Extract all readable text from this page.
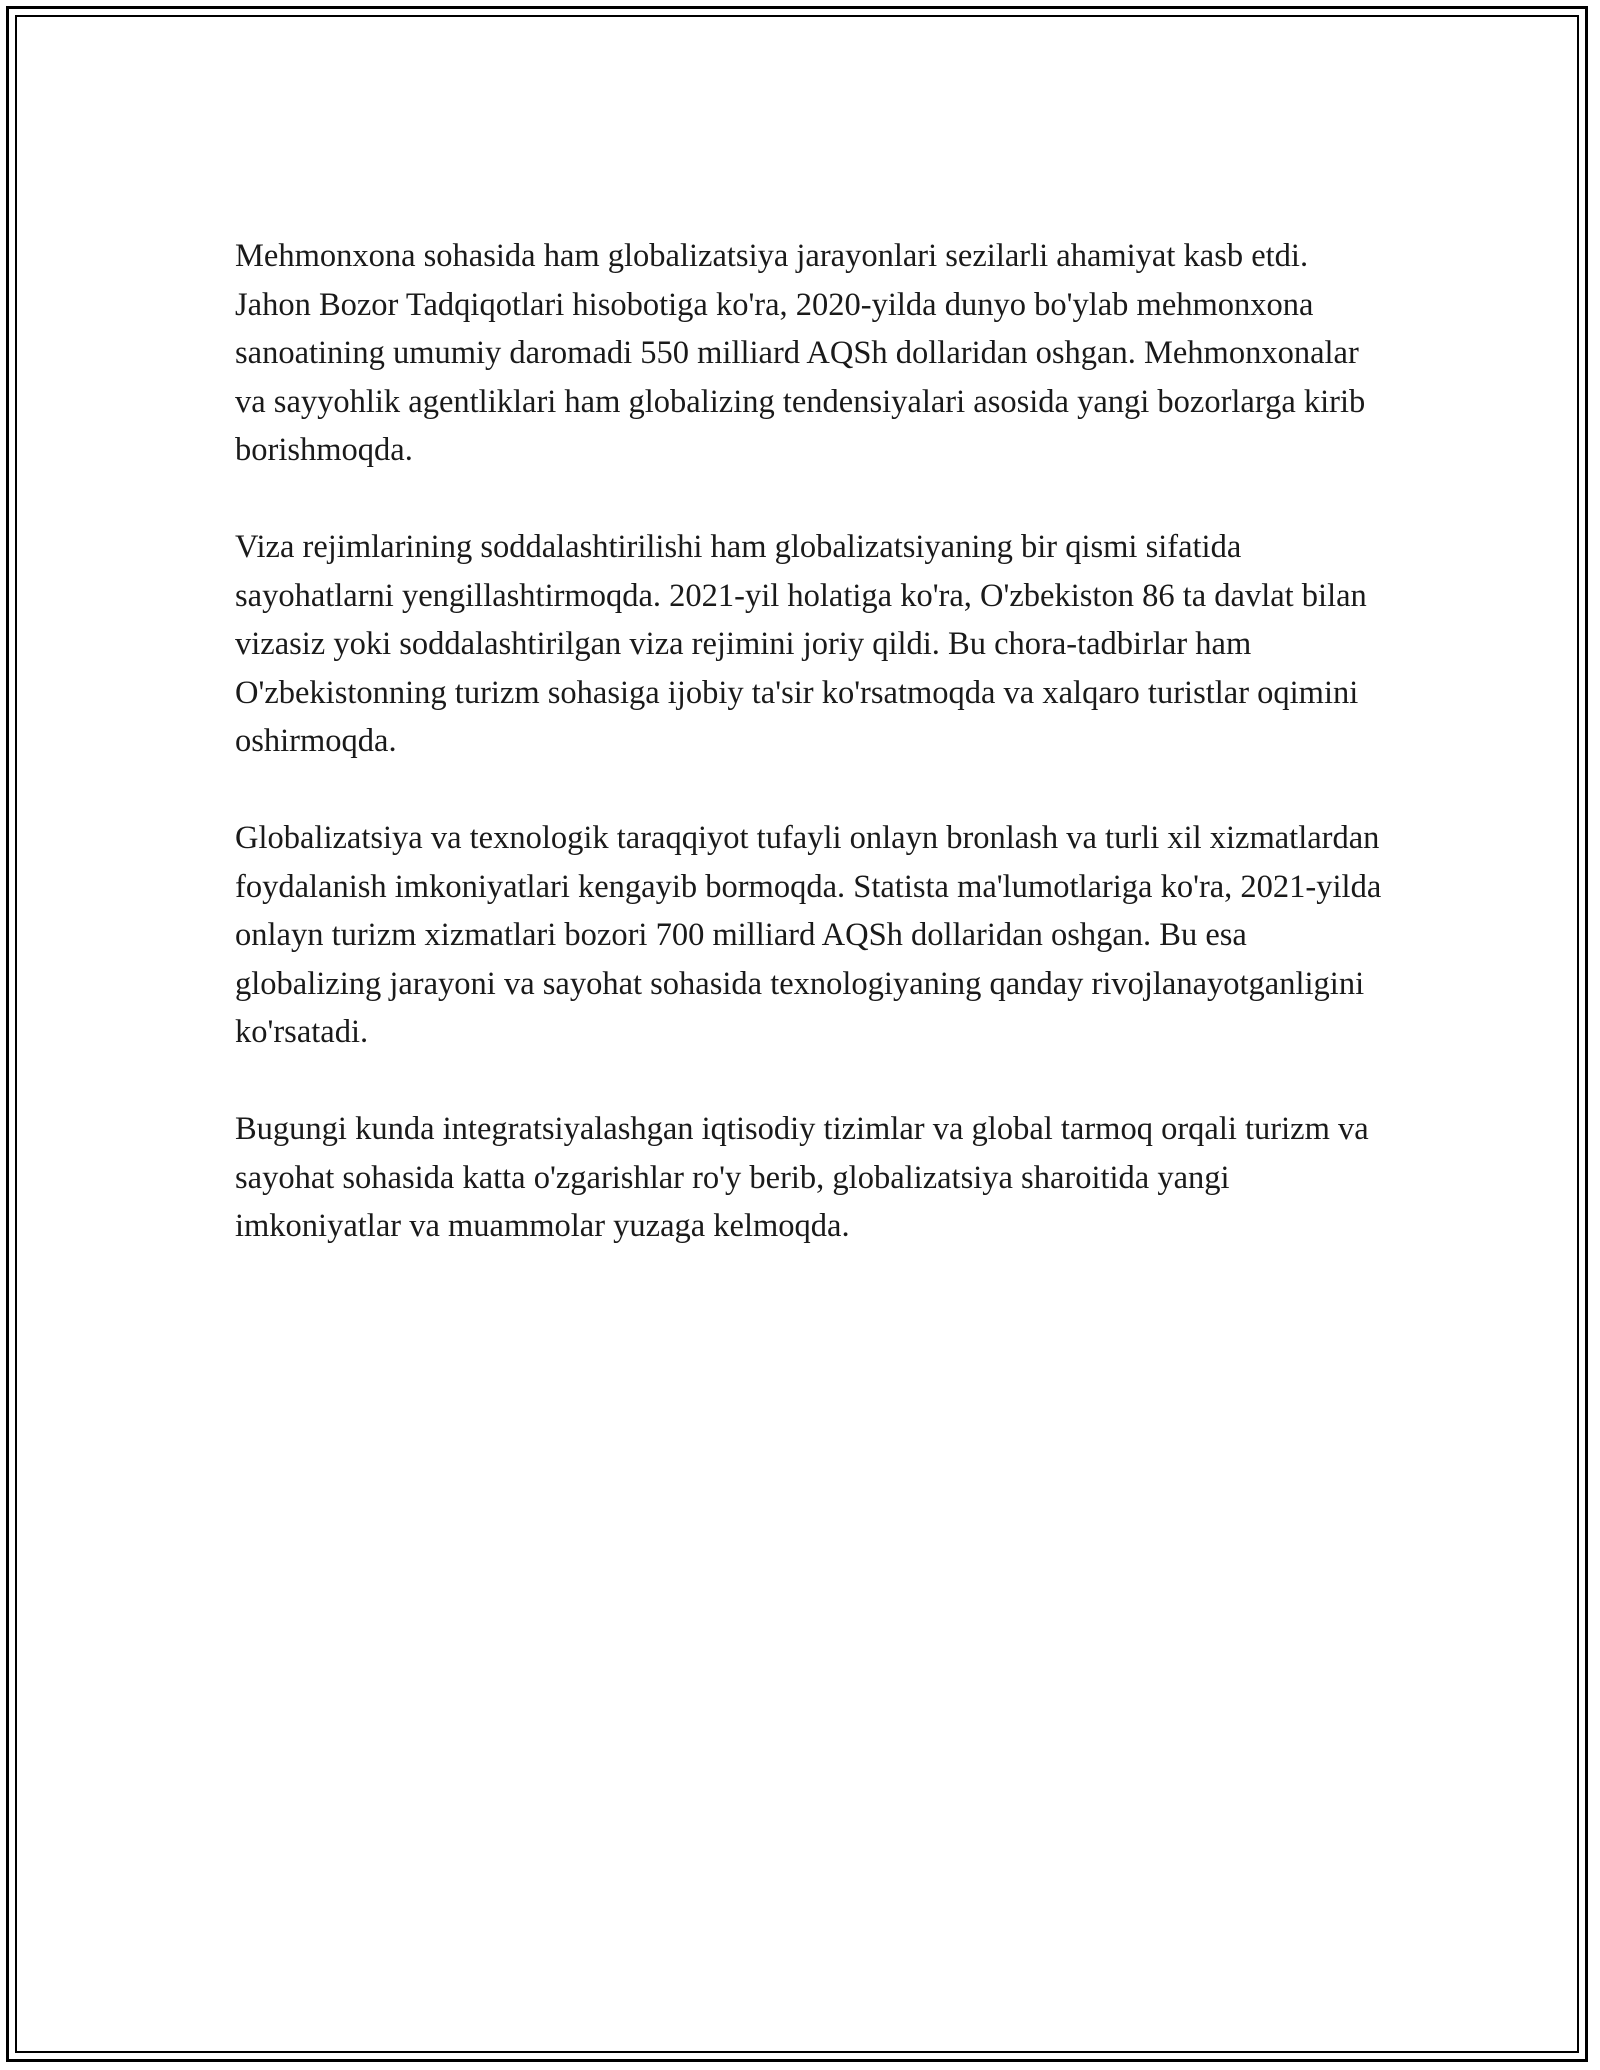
Mehmonxona sohasida ham globalizatsiya jarayonlari sezilarli ahamiyat kasb etdi. Jahon Bozor Tadqiqotlari hisobotiga ko'ra, 2020-yilda dunyo bo'ylab mehmonxona sanoatining umumiy daromadi 550 milliard AQSh dollaridan oshgan. Mehmonxonalar va sayyohlik agentliklari ham globalizing tendensiyalari asosida yangi bozorlarga kirib borishmoqda.

Viza rejimlarining soddalashtirilishi ham globalizatsiyaning bir qismi sifatida sayohatlarni yengillashtirmoqda. 2021-yil holatiga ko'ra, O'zbekiston 86 ta davlat bilan vizasiz yoki soddalashtirilgan viza rejimini joriy qildi. Bu chora-tadbirlar ham O'zbekistonning turizm sohasiga ijobiy ta'sir ko'rsatmoqda va xalqaro turistlar oqimini oshirmoqda.

Globalizatsiya va texnologik taraqqiyot tufayli onlayn bronlash va turli xil xizmatlardan foydalanish imkoniyatlari kengayib bormoqda. Statista ma'lumotlariga ko'ra, 2021-yilda onlayn turizm xizmatlari bozori 700 milliard AQSh dollaridan oshgan. Bu esa globalizing jarayoni va sayohat sohasida texnologiyaning qanday rivojlanayotganligini ko'rsatadi.

Bugungi kunda integratsiyalashgan iqtisodiy tizimlar va global tarmoq orqali turizm va sayohat sohasida katta o'zgarishlar ro'y berib, globalizatsiya sharoitida yangi imkoniyatlar va muammolar yuzaga kelmoqda.
